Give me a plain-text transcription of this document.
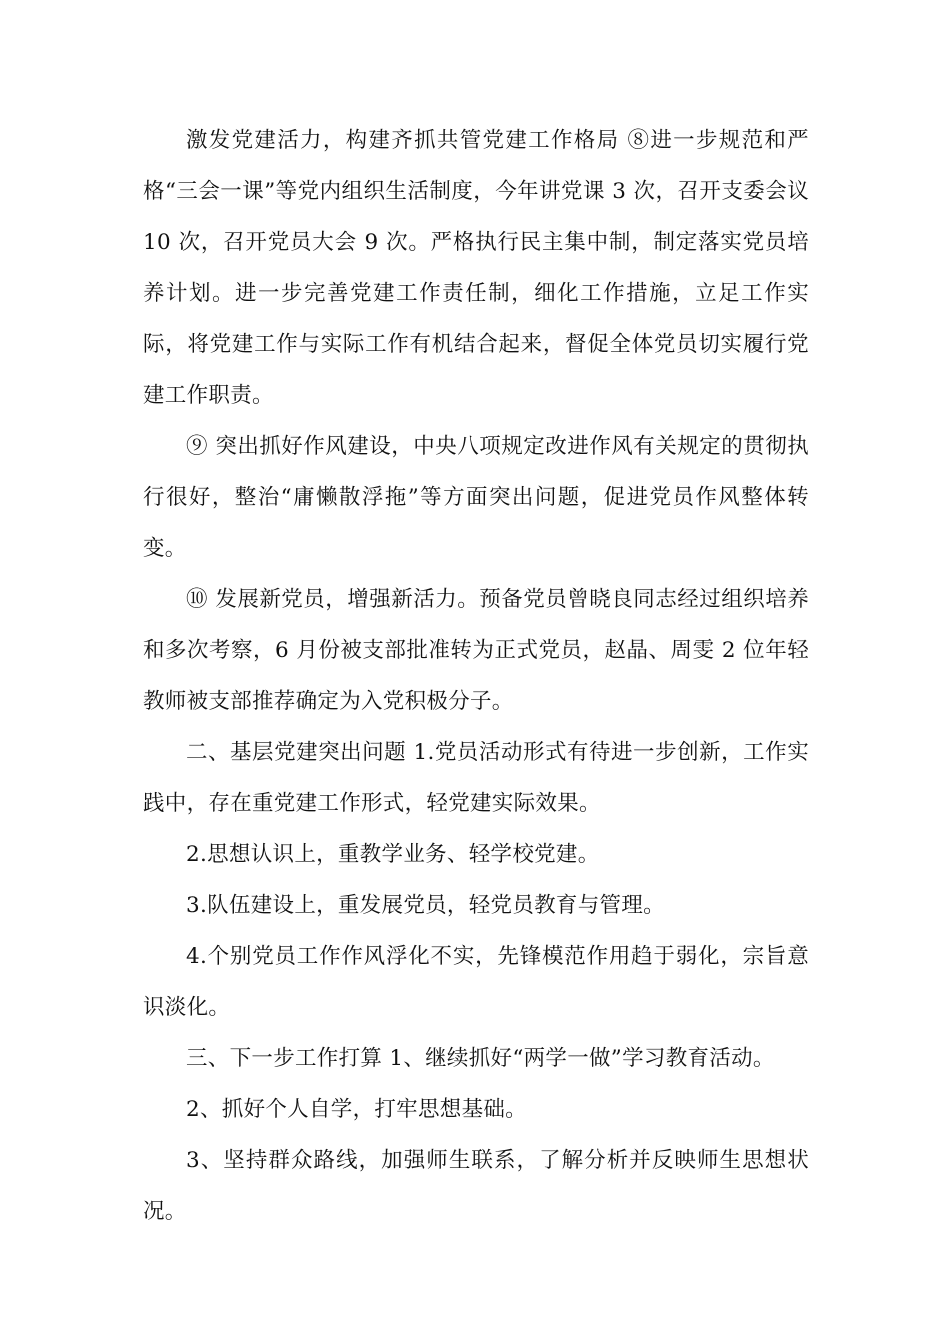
激发党建活力，构建齐抓共管党建工作格局 ⑧进一步规范和严格“三会一课”等党内组织生活制度，今年讲党课 3 次，召开支委会议 10 次，召开党员大会 9 次。严格执行民主集中制，制定落实党员培养计划。进一步完善党建工作责任制，细化工作措施，立足工作实际，将党建工作与实际工作有机结合起来，督促全体党员切实履行党建工作职责。

⑨ 突出抓好作风建设，中央八项规定改进作风有关规定的贯彻执行很好，整治“庸懒散浮拖”等方面突出问题，促进党员作风整体转变。

⑩ 发展新党员，增强新活力。预备党员曾晓良同志经过组织培养和多次考察，6 月份被支部批准转为正式党员，赵晶、周雯 2 位年轻教师被支部推荐确定为入党积极分子。

二、基层党建突出问题 1.党员活动形式有待进一步创新，工作实践中，存在重党建工作形式，轻党建实际效果。

2.思想认识上，重教学业务、轻学校党建。

3.队伍建设上，重发展党员，轻党员教育与管理。

4.个别党员工作作风浮化不实，先锋模范作用趋于弱化，宗旨意识淡化。

三、下一步工作打算 1、继续抓好“两学一做”学习教育活动。

2、抓好个人自学，打牢思想基础。

3、坚持群众路线，加强师生联系，了解分析并反映师生思想状况。
